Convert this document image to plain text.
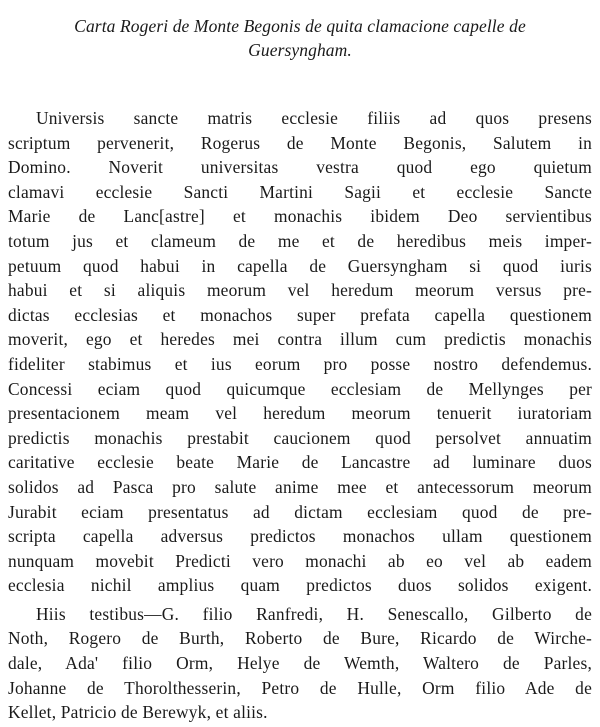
Carta Rogeri de Monte Begonis de quita clamacione capelle de
Guersyngham.
Universis sancte matris ecclesie filiis ad quos presens
scriptum pervenerit, Rogerus de Monte Begonis, Salutem in
Domino. Noverit universitas vestra quod ego quietum
clamavi ecclesie Sancti Martini Sagii et ecclesie Sancte
Marie de Lanc[astre] et monachis ibidem Deo servientibus
totum jus et clameum de me et de heredibus meis imper-
petuum quod habui in capella de Guersyngham si quod iuris
habui et si aliquis meorum vel heredum meorum versus pre-
dictas ecclesias et monachos super prefata capella questionem
moverit, ego et heredes mei contra illum cum predictis monachis
fideliter stabimus et ius eorum pro posse nostro defendemus.
Concessi eciam quod quicumque ecclesiam de Mellynges per
presentacionem meam vel heredum meorum tenuerit iuratoriam
predictis monachis prestabit caucionem quod persolvet annuatim
caritative ecclesie beate Marie de Lancastre ad luminare duos
solidos ad Pasca pro salute anime mee et antecessorum meorum
Jurabit eciam presentatus ad dictam ecclesiam quod de pre-
scripta capella adversus predictos monachos ullam questionem
nunquam movebit Predicti vero monachi ab eo vel ab eadem
ecclesia nichil amplius quam predictos duos solidos exigent.
Hiis testibus—G. filio Ranfredi, H. Senescallo, Gilberto de
Noth, Rogero de Burth, Roberto de Bure, Ricardo de Wirche-
dale, Ada' filio Orm, Helye de Wemth, Waltero de Parles,
Johanne de Thorolthesserin, Petro de Hulle, Orm filio Ade de
Kellet, Patricio de Berewyk, et aliis.
